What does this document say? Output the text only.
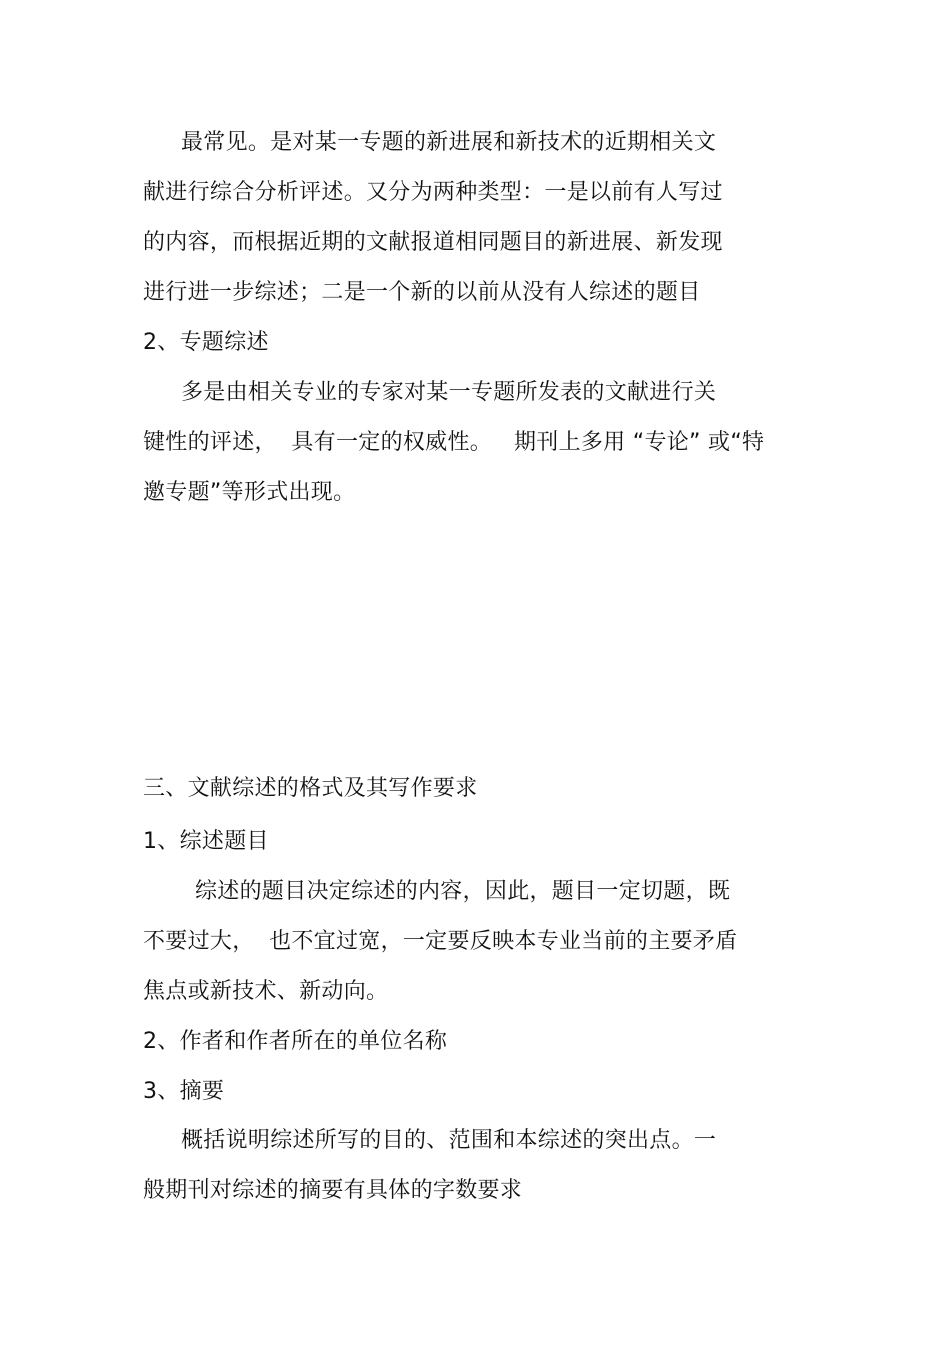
最常见。是对某一专题的新进展和新技术的近期相关文
献进行综合分析评述。又分为两种类型：一是以前有人写过
的内容，而根据近期的文献报道相同题目的新进展、新发现
进行进一步综述；二是一个新的以前从没有人综述的题目
2、专题综述
多是由相关专业的专家对某一专题所发表的文献进行关
键性的评述，  具有一定的权威性。   期刊上多用 “专论” 或“特
邀专题”等形式出现。
三、文献综述的格式及其写作要求
1、综述题目
综述的题目决定综述的内容，因此，题目一定切题，既
不要过大，  也不宜过宽，一定要反映本专业当前的主要矛盾
焦点或新技术、新动向。
2、作者和作者所在的单位名称
3、摘要
概括说明综述所写的目的、范围和本综述的突出点。一
般期刊对综述的摘要有具体的字数要求
